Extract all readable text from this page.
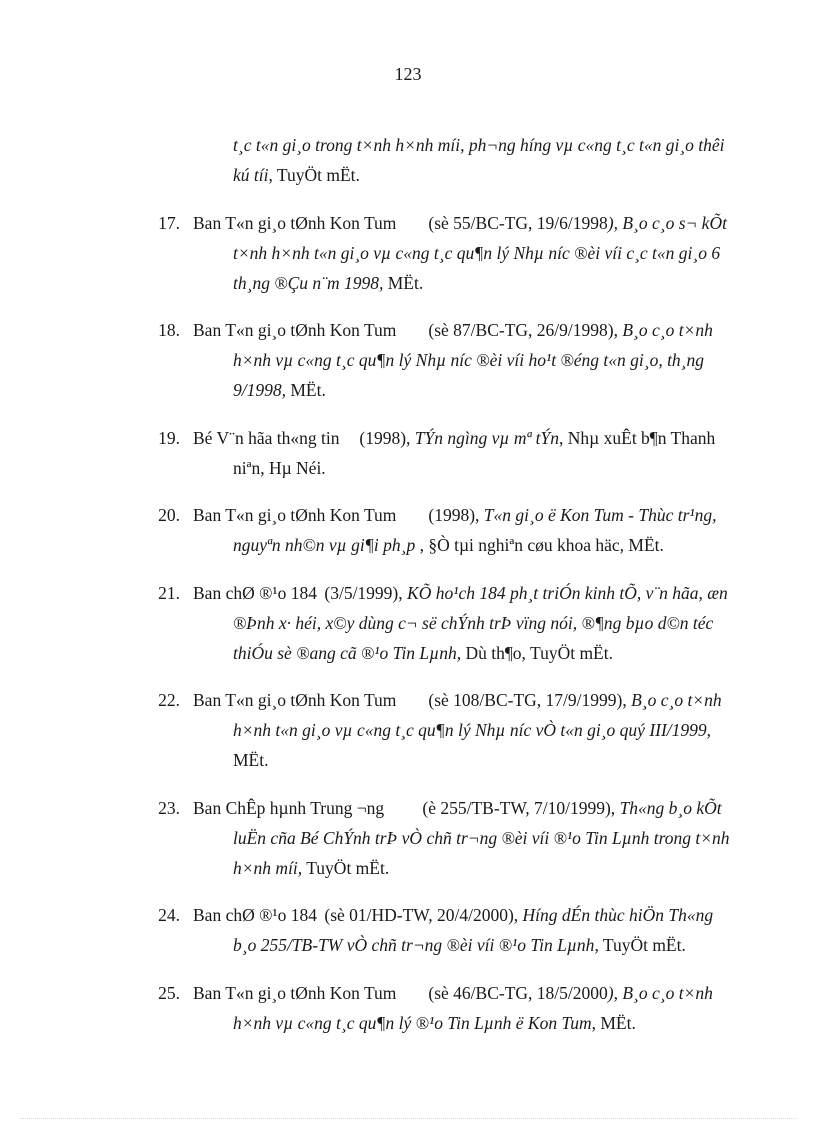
123

t¸c t«n gi¸o trong t×nh h×nh míi, ph¬ng híng vµ c«ng t¸c t«n gi¸o thêi kú tíi, TuyÖt mËt.

17. Ban T«n gi¸o tØnh Kon Tum (sè 55/BC-TG, 19/6/1998), B¸o c¸o s¬ kÕt t×nh h×nh t«n gi¸o vµ c«ng t¸c qu¶n lý Nhµ níc ®èi víi c¸c t«n gi¸o 6 th¸ng ®Çu n¨m 1998, MËt.

18. Ban T«n gi¸o tØnh Kon Tum (sè 87/BC-TG, 26/9/1998), B¸o c¸o t×nh h×nh vµ c«ng t¸c qu¶n lý Nhµ níc ®èi víi ho¹t ®éng t«n gi¸o, th¸ng 9/1998, MËt.

19. Bé V¨n hãa th«ng tin (1998), TÝn ngìng vµ mª tÝn, Nhµ xuÊt b¶n Thanh niªn, Hµ Néi.

20. Ban T«n gi¸o tØnh Kon Tum (1998), T«n gi¸o ë Kon Tum - Thùc tr¹ng, nguyªn nh©n vµ gi¶i ph¸p , §Ò tµi nghiªn cøu khoa häc, MËt.

21. Ban chØ ®¹o 184 (3/5/1999), KÕ ho¹ch 184 ph¸t triÓn kinh tÕ, v¨n hãa, æn ®Þnh x· héi, x©y dùng c¬ së chÝnh trÞ vïng nói, ®¶ng bµo d©n téc thiÓu sè ®ang cã ®¹o Tin Lµnh, Dù th¶o, TuyÖt mËt.

22. Ban T«n gi¸o tØnh Kon Tum (sè 108/BC-TG, 17/9/1999), B¸o c¸o t×nh h×nh t«n gi¸o vµ c«ng t¸c qu¶n lý Nhµ níc vÒ t«n gi¸o quý III/1999, MËt.

23. Ban ChÊp hµnh Trung ¬ng (è 255/TB-TW, 7/10/1999), Th«ng b¸o kÕt luËn cña Bé ChÝnh trÞ vÒ chñ tr¬ng ®èi víi ®¹o Tin Lµnh trong t×nh h×nh míi, TuyÖt mËt.

24. Ban chØ ®¹o 184 (sè 01/HD-TW, 20/4/2000), Híng dÉn thùc hiÖn Th«ng b¸o 255/TB-TW vÒ chñ tr¬ng ®èi víi ®¹o Tin Lµnh, TuyÖt mËt.

25. Ban T«n gi¸o tØnh Kon Tum (sè 46/BC-TG, 18/5/2000), B¸o c¸o t×nh h×nh vµ c«ng t¸c qu¶n lý ®¹o Tin Lµnh ë Kon Tum, MËt.
